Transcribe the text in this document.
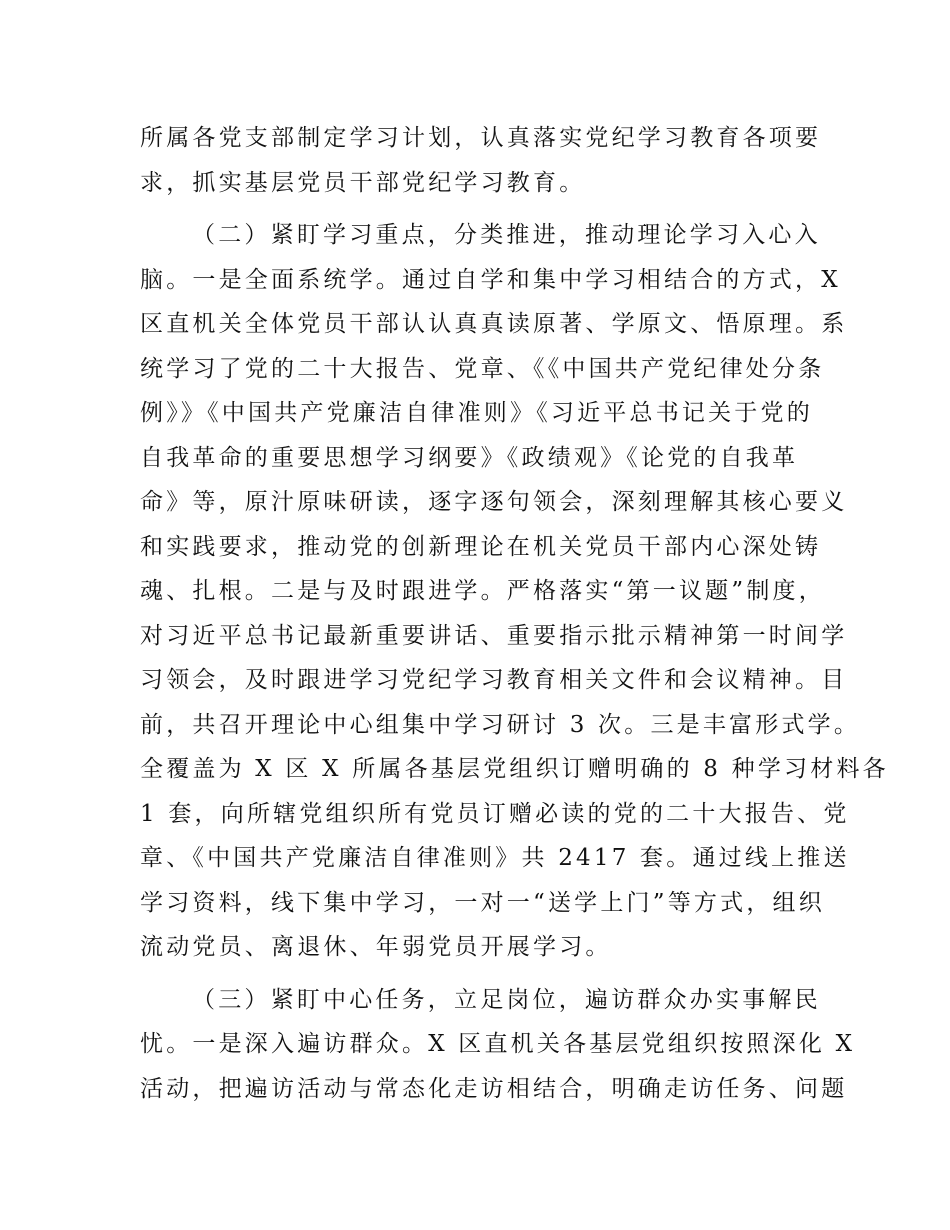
所属各党支部制定学习计划，认真落实党纪学习教育各项要
求，抓实基层党员干部党纪学习教育。
（二）紧盯学习重点，分类推进，推动理论学习入心入
脑。一是全面系统学。通过自学和集中学习相结合的方式，X
区直机关全体党员干部认认真真读原著、学原文、悟原理。系
统学习了党的二十大报告、党章、《《中国共产党纪律处分条
例》》《中国共产党廉洁自律准则》《习近平总书记关于党的
自我革命的重要思想学习纲要》《政绩观》《论党的自我革
命》等，原汁原味研读，逐字逐句领会，深刻理解其核心要义
和实践要求，推动党的创新理论在机关党员干部内心深处铸
魂、扎根。二是与及时跟进学。严格落实“第一议题”制度，
对习近平总书记最新重要讲话、重要指示批示精神第一时间学
习领会，及时跟进学习党纪学习教育相关文件和会议精神。目
前，共召开理论中心组集中学习研讨 3 次。三是丰富形式学。
全覆盖为 X 区 X 所属各基层党组织订赠明确的 8 种学习材料各
1 套，向所辖党组织所有党员订赠必读的党的二十大报告、党
章、《中国共产党廉洁自律准则》共 2417 套。通过线上推送
学习资料，线下集中学习，一对一“送学上门”等方式，组织
流动党员、离退休、年弱党员开展学习。
（三）紧盯中心任务，立足岗位，遍访群众办实事解民
忧。一是深入遍访群众。X 区直机关各基层党组织按照深化 X
活动，把遍访活动与常态化走访相结合，明确走访任务、问题
